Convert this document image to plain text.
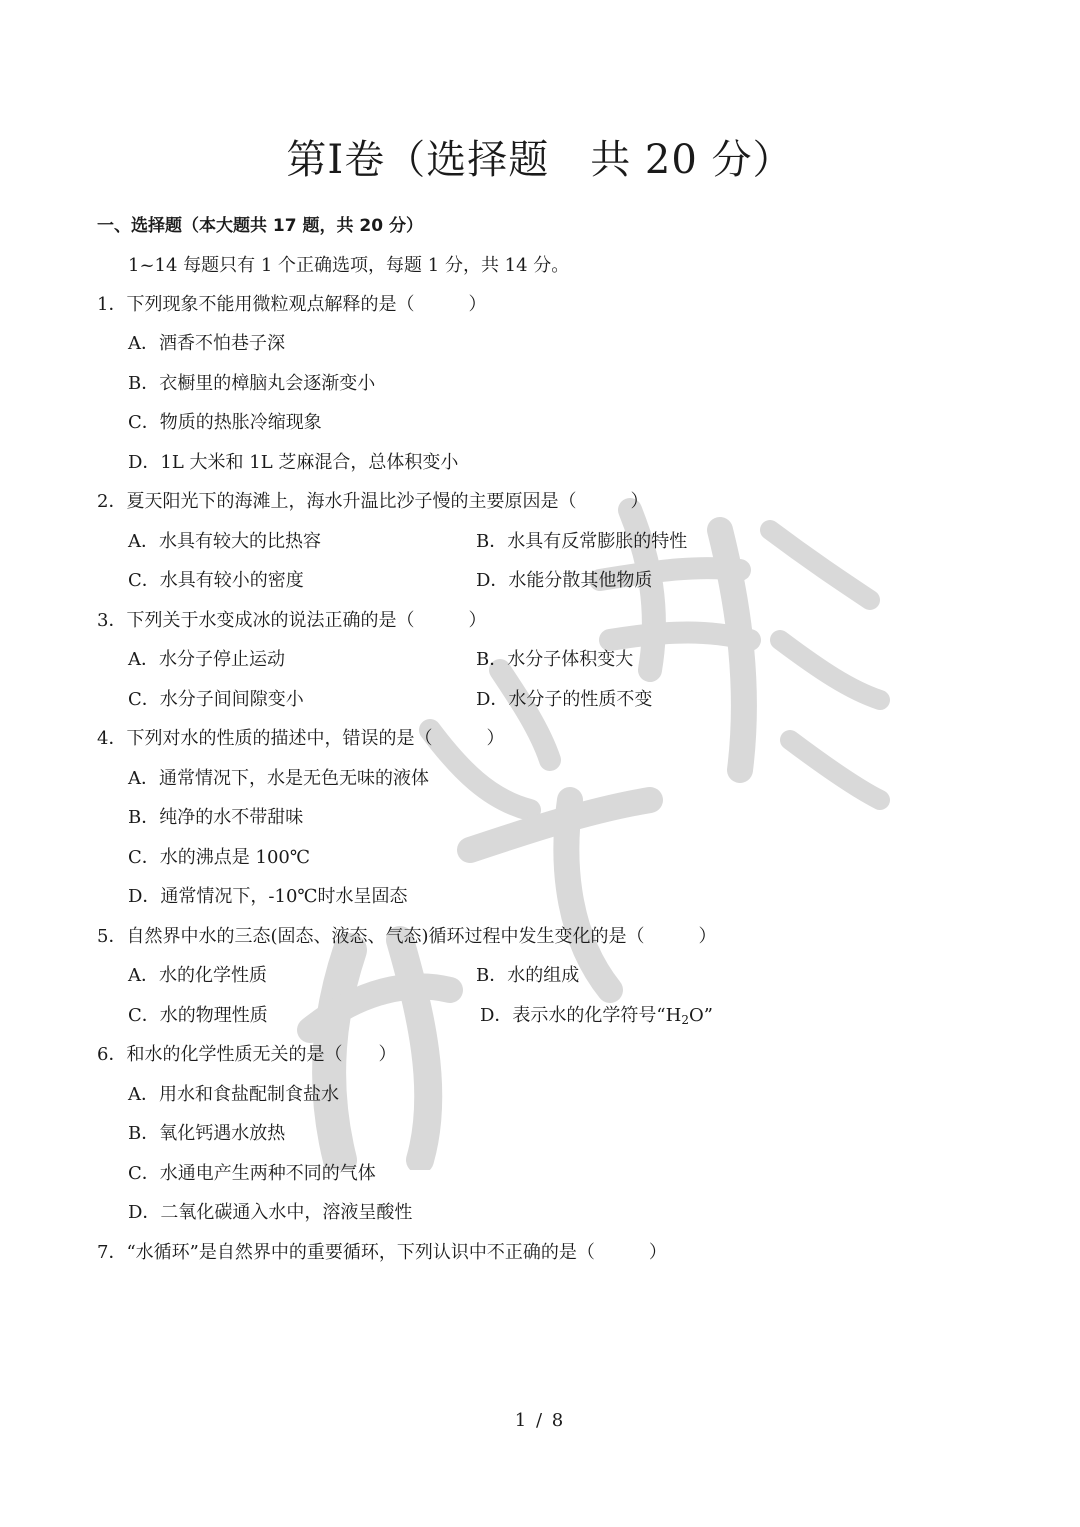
第I卷（选择题　共 20 分）
一、选择题（本大题共 17 题，共 20 分）
1~14 每题只有 1 个正确选项，每题 1 分，共 14 分。
1．下列现象不能用微粒观点解释的是（　　　）
A．酒香不怕巷子深
B．衣橱里的樟脑丸会逐渐变小
C．物质的热胀冷缩现象
D．1L 大米和 1L 芝麻混合，总体积变小
2．夏天阳光下的海滩上，海水升温比沙子慢的主要原因是（　　　）
A．水具有较大的比热容	B．水具有反常膨胀的特性
C．水具有较小的密度	D．水能分散其他物质
3．下列关于水变成冰的说法正确的是（　　　）
A．水分子停止运动	B．水分子体积变大
C．水分子间间隙变小	D．水分子的性质不变
4．下列对水的性质的描述中，错误的是（　　　）
A．通常情况下，水是无色无味的液体
B．纯净的水不带甜味
C．水的沸点是 100℃
D．通常情况下，-10℃时水呈固态
5．自然界中水的三态(固态、液态、气态)循环过程中发生变化的是（　　　）
A．水的化学性质	B．水的组成
C．水的物理性质	D．表示水的化学符号“$H_2O$”
6．和水的化学性质无关的是（　　）
A．用水和食盐配制食盐水
B．氧化钙遇水放热
C．水通电产生两种不同的气体
D．二氧化碳通入水中，溶液呈酸性
7．“水循环”是自然界中的重要循环，下列认识中不正确的是（　　　）
1 / 8
